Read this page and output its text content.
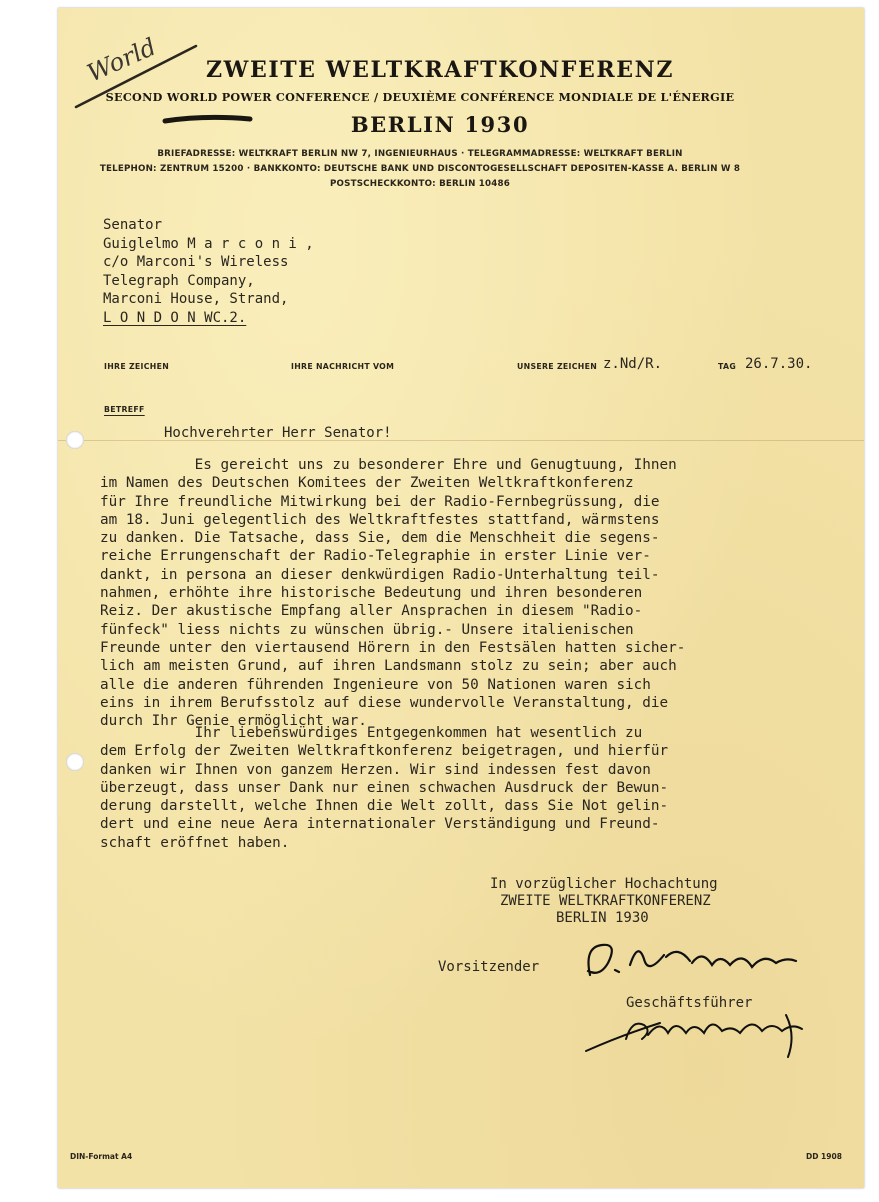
World	ZWEITE WELTKRAFTKONFERENZ
SECOND WORLD POWER CONFERENCE / DEUXIÈME CONFÉRENCE MONDIALE DE L'ÉNERGIE
BERLIN 1930
BRIEFADRESSE: WELTKRAFT BERLIN NW 7, INGENIEURHAUS · TELEGRAMMADRESSE: WELTKRAFT BERLIN
TELEPHON: ZENTRUM 15200 · BANKKONTO: DEUTSCHE BANK UND DISCONTOGESELLSCHAFT DEPOSITEN-KASSE A. BERLIN W 8
POSTSCHECKKONTO: BERLIN 10486
Senator
Guiglelmo M a r c o n i ,
c/o Marconi's Wireless
Telegraph Company,
Marconi House, Strand,
L O N D O N WC.2.
IHRE ZEICHEN	IHRE NACHRICHT VOM	UNSERE ZEICHEN z.Nd/R.	TAG 26.7.30.
BETREFF
Hochverehrter Herr Senator!
Es gereicht uns zu besonderer Ehre und Genugtuung, Ihnen
im Namen des Deutschen Komitees der Zweiten Weltkraftkonferenz
für Ihre freundliche Mitwirkung bei der Radio-Fernbegrüssung, die
am 18. Juni gelegentlich des Weltkraftfestes stattfand, wärmstens
zu danken. Die Tatsache, dass Sie, dem die Menschheit die segens-
reiche Errungenschaft der Radio-Telegraphie in erster Linie ver-
dankt, in persona an dieser denkwürdigen Radio-Unterhaltung teil-
nahmen, erhöhte ihre historische Bedeutung und ihren besonderen
Reiz. Der akustische Empfang aller Ansprachen in diesem "Radio-
fünfeck" liess nichts zu wünschen übrig.- Unsere italienischen
Freunde unter den viertausend Hörern in den Festsälen hatten sicher-
lich am meisten Grund, auf ihren Landsmann stolz zu sein; aber auch
alle die anderen führenden Ingenieure von 50 Nationen waren sich
eins in ihrem Berufsstolz auf diese wundervolle Veranstaltung, die
durch Ihr Genie ermöglicht war.
Ihr liebenswürdiges Entgegenkommen hat wesentlich zu
dem Erfolg der Zweiten Weltkraftkonferenz beigetragen, und hierfür
danken wir Ihnen von ganzem Herzen. Wir sind indessen fest davon
überzeugt, dass unser Dank nur einen schwachen Ausdruck der Bewun-
derung darstellt, welche Ihnen die Welt zollt, dass Sie Not gelin-
dert und eine neue Aera internationaler Verständigung und Freund-
schaft eröffnet haben.
In vorzüglicher Hochachtung
ZWEITE WELTKRAFTKONFERENZ
BERLIN 1930
Vorsitzender
Geschäftsführer
DIN-Format A4	DD 1908
